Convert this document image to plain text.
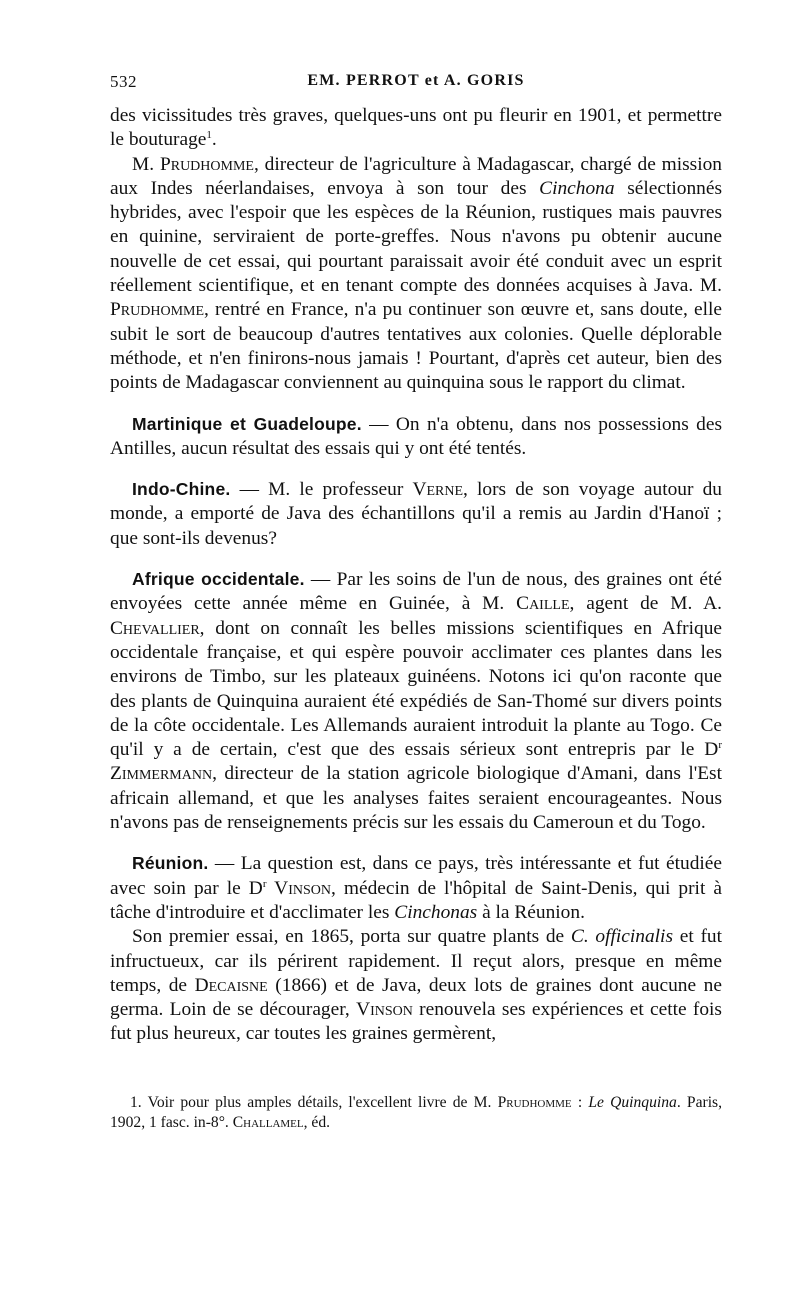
532	EM. PERROT et A. GORIS

des vicissitudes très graves, quelques-uns ont pu fleurir en 1901, et permettre le bouturage$^1$.

M. Prudhomme, directeur de l'agriculture à Madagascar, chargé de mission aux Indes néerlandaises, envoya à son tour des Cinchona sélectionnés hybrides, avec l'espoir que les espèces de la Réunion, rustiques mais pauvres en quinine, serviraient de porte-greffes. Nous n'avons pu obtenir aucune nouvelle de cet essai, qui pourtant paraissait avoir été conduit avec un esprit réellement scientifique, et en tenant compte des données acquises à Java. M. Prudhomme, rentré en France, n'a pu continuer son œuvre et, sans doute, elle subit le sort de beaucoup d'autres tentatives aux colonies. Quelle déplorable méthode, et n'en finirons-nous jamais ! Pourtant, d'après cet auteur, bien des points de Madagascar conviennent au quinquina sous le rapport du climat.

Martinique et Guadeloupe. — On n'a obtenu, dans nos possessions des Antilles, aucun résultat des essais qui y ont été tentés.

Indo-Chine. — M. le professeur Verne, lors de son voyage autour du monde, a emporté de Java des échantillons qu'il a remis au Jardin d'Hanoï ; que sont-ils devenus?

Afrique occidentale. — Par les soins de l'un de nous, des graines ont été envoyées cette année même en Guinée, à M. Caille, agent de M. A. Chevallier, dont on connaît les belles missions scientifiques en Afrique occidentale française, et qui espère pouvoir acclimater ces plantes dans les environs de Timbo, sur les plateaux guinéens. Notons ici qu'on raconte que des plants de Quinquina auraient été expédiés de San-Thomé sur divers points de la côte occidentale. Les Allemands auraient introduit la plante au Togo. Ce qu'il y a de certain, c'est que des essais sérieux sont entrepris par le $D^r$ Zimmermann, directeur de la station agricole biologique d'Amani, dans l'Est africain allemand, et que les analyses faites seraient encourageantes. Nous n'avons pas de renseignements précis sur les essais du Cameroun et du Togo.

Réunion. — La question est, dans ce pays, très intéressante et fut étudiée avec soin par le $D^r$ Vinson, médecin de l'hôpital de Saint-Denis, qui prit à tâche d'introduire et d'acclimater les Cinchonas à la Réunion.

Son premier essai, en 1865, porta sur quatre plants de C. officinalis et fut infructueux, car ils périrent rapidement. Il reçut alors, presque en même temps, de Decaisne (1866) et de Java, deux lots de graines dont aucune ne germa. Loin de se décourager, Vinson renouvela ses expériences et cette fois fut plus heureux, car toutes les graines germèrent,

1. Voir pour plus amples détails, l'excellent livre de M. Prudhomme : Le Quinquina. Paris, 1902, 1 fasc. in-8°. Challamel, éd.
